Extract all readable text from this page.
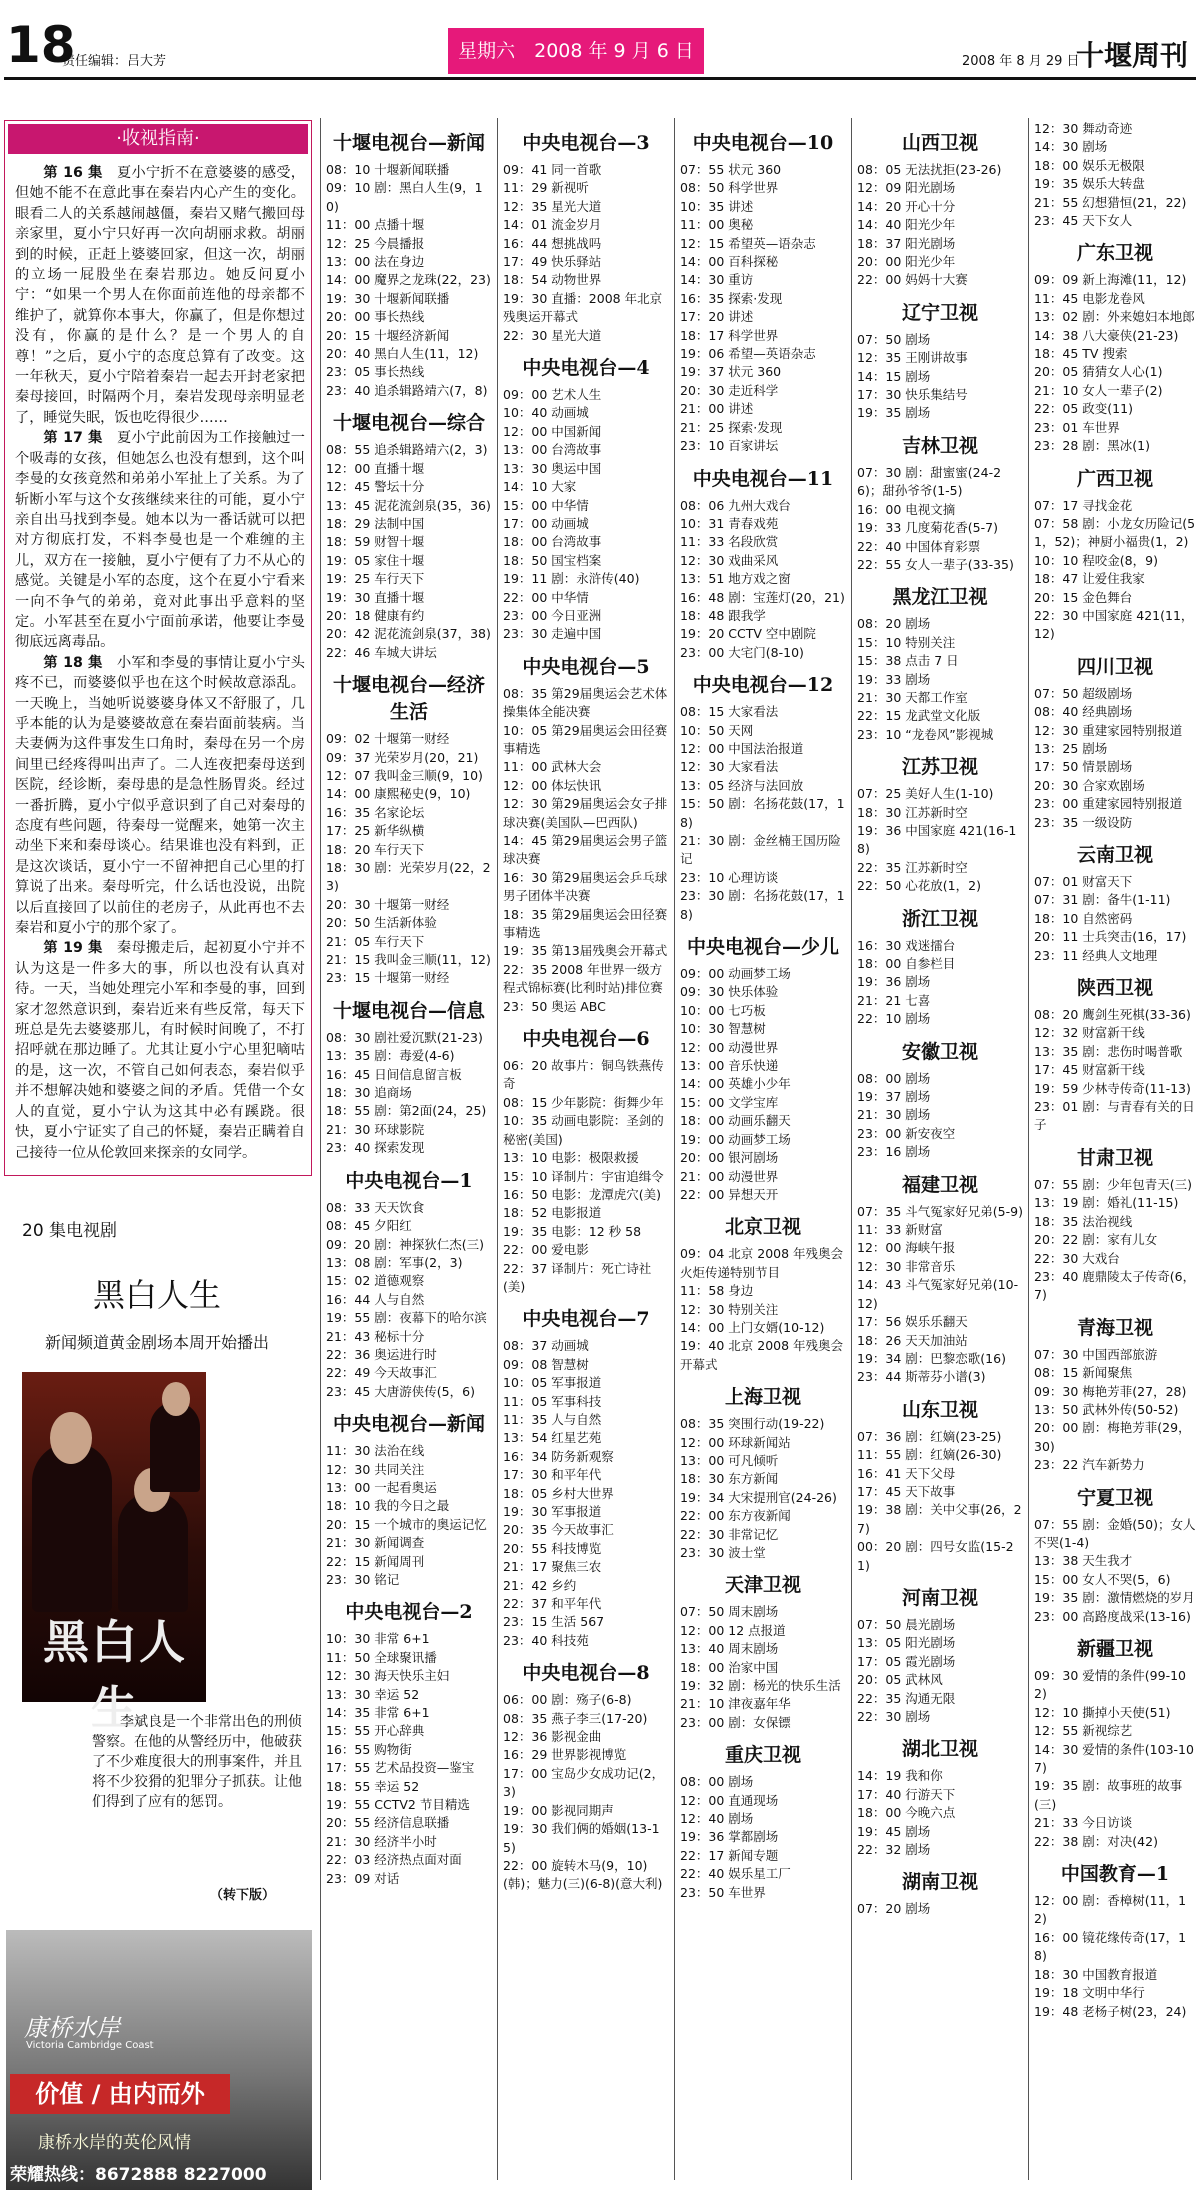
18
责任编辑：吕大芳	星期六　2008 年 9 月 6 日	2008 年 8 月 29 日
十堰周刊
·收视指南·

第 16 集　 夏小宁折不在意婆婆的感受，但她不能不在意此事在秦岩内心产生的变化。眼看二人的关系越闹越僵，秦岩又赌气搬回母亲家里，夏小宁只好再一次向胡丽求救。胡丽到的时候，正赶上婆婆回家，但这一次，胡丽的立场一屁股坐在秦岩那边。她反问夏小宁：“如果一个男人在你面前连他的母亲都不维护了，就算你本事大，你赢了，但是你想过没有，你赢的是什么？是一个男人的自尊！”之后，夏小宁的态度总算有了改变。这一年秋天，夏小宁陪着秦岩一起去开封老家把秦母接回，时隔两个月，秦岩发现母亲明显老了，睡觉失眠，饭也吃得很少……

第 17 集　 夏小宁此前因为工作接触过一个吸毒的女孩，但她怎么也没有想到，这个叫李曼的女孩竟然和弟弟小军扯上了关系。为了斩断小军与这个女孩继续来往的可能，夏小宁亲自出马找到李曼。她本以为一番话就可以把对方彻底打发，不料李曼也是一个难缠的主儿，双方在一接触，夏小宁便有了力不从心的感觉。关键是小军的态度，这个在夏小宁看来一向不争气的弟弟，竟对此事出乎意料的坚定。小军甚至在夏小宁面前承诺，他要让李曼彻底远离毒品。

第 18 集　 小军和李曼的事情让夏小宁头疼不已，而婆婆似乎也在这个时候故意添乱。一天晚上，当她听说婆婆身体又不舒服了，几乎本能的认为是婆婆故意在秦岩面前装病。当夫妻俩为这件事发生口角时，秦母在另一个房间里已经疼得叫出声了。二人连夜把秦母送到医院，经诊断，秦母患的是急性肠胃炎。经过一番折腾，夏小宁似乎意识到了自己对秦母的态度有些问题，待秦母一觉醒来，她第一次主动坐下来和秦母谈心。结果谁也没有料到，正是这次谈话，夏小宁一不留神把自己心里的打算说了出来。秦母听完，什么话也没说，出院以后直接回了以前住的老房子，从此再也不去秦岩和夏小宁的那个家了。

第 19 集　 秦母搬走后，起初夏小宁并不认为这是一件多大的事，所以也没有认真对待。一天，当她处理完小军和李曼的事，回到家才忽然意识到，秦岩近来有些反常，每天下班总是先去婆婆那儿，有时候时间晚了，不打招呼就在那边睡了。尤其让夏小宁心里犯嘀咕的是，这一次，不管自己如何表态，秦岩似乎并不想解决她和婆婆之间的矛盾。凭借一个女人的直觉，夏小宁认为这其中必有蹊跷。很快，夏小宁证实了自己的怀疑，秦岩正瞒着自己接待一位从伦敦回来探亲的女同学。

20 集电视剧
黑白人生
新闻频道黄金剧场本周开始播出
黑白人生
李斌良是一个非常出色的刑侦警察。在他的从警经历中，他破获了不少难度很大的刑事案件，并且将不少狡猾的犯罪分子抓获。让他们得到了应有的惩罚。
（转下版）
康桥水岸
Victoria Cambridge Coast
价值 / 由内而外
康桥水岸的英伦风情
荣耀热线：8672888 8227000
十堰电视台—新闻
08：10 十堰新闻联播
09：10 剧：黑白人生(9，10)
11：00 点播十堰
12：25 今晨播报
13：00 法在身边
14：00 魔界之龙珠(22，23)
19：30 十堰新闻联播
20：00 事长热线
20：15 十堰经济新闻
20：40 黑白人生(11，12)
23：05 事长热线
23：40 追杀辑路靖六(7，8)
十堰电视台—综合
08：55 追杀辑路靖六(2，3)
12：00 直播十堰
12：45 警坛十分
13：45 泥花流剑泉(35，36)
18：29 法制中国
18：59 财智十堰
19：05 家住十堰
19：25 车行天下
19：30 直播十堰
20：18 健康有约
20：42 泥花流剑泉(37，38)
22：46 车城大讲坛
十堰电视台—经济生活
09：02 十堰第一财经
09：37 光荣岁月(20，21)
12：07 我叫金三顺(9，10)
14：00 康熙秘史(9，10)
16：35 名家论坛
17：25 新华纵横
18：20 车行天下
18：30 剧：光荣岁月(22，23)
20：30 十堰第一财经
20：50 生活新体验
21：05 车行天下
21：15 我叫金三顺(11，12)
23：15 十堰第一财经
十堰电视台—信息
08：30 剧社爱沉默(21-23)
13：35 剧：毒爱(4-6)
16：45 日间信息留言板
18：30 追商场
18：55 剧：第2面(24，25)
21：30 环球影院
23：40 探索发现
中央电视台—1
08：33 天天饮食
08：45 夕阳红
09：20 剧：神探狄仁杰(三)
13：08 剧：军事(2，3)
15：02 道德观察
16：44 人与自然
19：55 剧：夜幕下的哈尔滨
21：43 秘标十分
22：36 奥运进行时
22：49 今天故事汇
23：45 大唐游侠传(5，6)
中央电视台—新闻
11：30 法治在线
12：30 共同关注
13：00 一起看奥运
18：10 我的今日之最
20：15 一个城市的奥运记忆
21：30 新闻调查
22：15 新闻周刊
23：30 铭记
中央电视台—2
10：30 非常 6+1
11：50 全球聚讯播
12：30 海天快乐主妇
13：30 幸运 52
14：35 非常 6+1
15：55 开心辞典
16：55 购物街
17：55 艺术品投资—鉴宝
18：55 幸运 52
19：55 CCTV2 节目精选
20：55 经济信息联播
21：30 经济半小时
22：03 经济热点面对面
23：09 对话
中央电视台—3
09：41 同一首歌
11：29 新视听
12：35 星光大道
14：01 流金岁月
16：44 想挑战吗
17：49 快乐驿站
18：54 动物世界
19：30 直播：2008 年北京残奥运开幕式
22：30 星光大道
中央电视台—4
09：00 艺术人生
10：40 动画城
12：00 中国新闻
13：00 台湾故事
13：30 奥运中国
14：10 大家
15：00 中华情
17：00 动画城
18：00 台湾故事
18：50 国宝档案
19：11 剧：永浒传(40)
22：00 中华情
23：00 今日亚洲
23：30 走遍中国
中央电视台—5
08：35 第29届奥运会艺术体操集体全能决赛
10：05 第29届奥运会田径赛事精选
11：00 武林大会
12：00 体坛快讯
12：30 第29届奥运会女子排球决赛(美国队—巴西队)
14：45 第29届奥运会男子篮球决赛
16：30 第29届奥运会乒乓球男子团体半决赛
18：35 第29届奥运会田径赛事精选
19：35 第13届残奥会开幕式
22：35 2008 年世界一级方程式锦标赛(比利时站)排位赛
23：50 奥运 ABC
中央电视台—6
06：20 故事片：铜鸟铁燕传奇
08：15 少年影院：街舞少年
10：35 动画电影院：圣剑的秘密(美国)
13：10 电影：极限救援
15：10 译制片：宇宙追缉令
16：50 电影：龙潭虎穴(美)
18：52 电影报道
19：35 电影：12 秒 58
22：00 爱电影
22：37 译制片：死亡诗社(美)
中央电视台—7
08：37 动画城
09：08 智慧树
10：05 军事报道
11：05 军事科技
11：35 人与自然
13：54 红星艺苑
16：34 防务新观察
17：30 和平年代
18：05 乡村大世界
19：30 军事报道
20：35 今天故事汇
20：55 科技博览
21：17 聚焦三农
21：42 乡约
22：37 和平年代
23：15 生活 567
23：40 科技苑
中央电视台—8
06：00 剧：殇子(6-8)
08：35 燕子李三(17-20)
12：36 影视金曲
16：29 世界影视博览
17：00 宝岛少女成功记(2，3)
19：00 影视同期声
19：30 我们俩的婚姻(13-15)
22：00 旋转木马(9，10)(韩)；魅力(三)(6-8)(意大利)
中央电视台—10
07：55 状元 360
08：50 科学世界
10：35 讲述
11：00 奥秘
12：15 希望英—语杂志
14：00 百科探秘
14：30 重访
16：35 探索·发现
17：20 讲述
18：17 科学世界
19：06 希望—英语杂志
19：37 状元 360
20：30 走近科学
21：00 讲述
21：25 探索·发现
23：10 百家讲坛
中央电视台—11
08：06 九州大戏台
10：31 青春戏苑
11：33 名段欣赏
12：30 戏曲采风
13：51 地方戏之窗
16：48 剧：宝莲灯(20，21)
18：48 跟我学
19：20 CCTV 空中剧院
23：00 大宅门(8-10)
中央电视台—12
08：15 大家看法
10：50 天网
12：00 中国法治报道
12：30 大家看法
13：05 经济与法回放
15：50 剧：名扬花鼓(17，18)
21：30 剧：金丝楠王国历险记
23：10 心理访谈
23：30 剧：名扬花鼓(17，18)
中央电视台—少儿
09：00 动画梦工场
09：30 快乐体验
10：00 七巧板
10：30 智慧树
12：00 动漫世界
13：00 音乐快递
14：00 英雄小少年
15：00 文学宝库
18：00 动画乐翻天
19：00 动画梦工场
20：00 银河剧场
21：00 动漫世界
22：00 异想天开
北京卫视
09：04 北京 2008 年残奥会火炬传递特别节目
11：58 身边
12：30 特别关注
14：00 上门女婿(10-12)
19：40 北京 2008 年残奥会开幕式
上海卫视
08：35 突围行动(19-22)
12：00 环球新闻站
13：00 可凡倾听
18：30 东方新闻
19：34 大宋提刑官(24-26)
22：00 东方夜新闻
22：30 非常记忆
23：30 波士堂
天津卫视
07：50 周末剧场
12：00 12 点报道
13：40 周末剧场
18：00 治家中国
19：32 剧：杨光的快乐生活
21：10 津夜嘉年华
23：00 剧：女保镖
重庆卫视
08：00 剧场
12：00 直通现场
12：40 剧场
19：36 掌都剧场
22：17 新闻专题
22：40 娱乐星工厂
23：50 车世界
山西卫视
08：05 无法扰拒(23-26)
12：09 阳光剧场
14：20 开心十分
14：40 阳光少年
18：37 阳光剧场
20：00 阳光少年
22：00 妈妈十大赛
辽宁卫视
07：50 剧场
12：35 王刚讲故事
14：15 剧场
17：30 快乐集结号
19：35 剧场
吉林卫视
07：30 剧：甜蜜蜜(24-26)；甜孙爷爷(1-5)
16：00 电视文摘
19：33 几度菊花香(5-7)
22：40 中国体育彩票
22：55 女人一辈子(33-35)
黑龙江卫视
08：20 剧场
15：10 特别关注
15：38 点击 7 日
19：33 剧场
21：30 天都工作室
22：15 龙武堂文化版
23：10 “龙卷风”影视城
江苏卫视
07：25 美好人生(1-10)
18：30 江苏新时空
19：36 中国家庭 421(16-18)
22：35 江苏新时空
22：50 心花放(1，2)
浙江卫视
16：30 戏迷擂台
18：00 自参栏目
19：36 剧场
21：21 七喜
22：10 剧场
安徽卫视
08：00 剧场
19：37 剧场
21：30 剧场
23：00 新安夜空
23：16 剧场
福建卫视
07：35 斗气冤家好兄弟(5-9)
11：33 新财富
12：00 海峡午报
12：30 非常音乐
14：43 斗气冤家好兄弟(10-12)
17：56 娱乐乐翻天
18：26 天天加油站
19：34 剧：巴黎恋歌(16)
23：44 斯蒂芬小谱(3)
山东卫视
07：36 剧：红嫡(23-25)
11：55 剧：红嫡(26-30)
16：41 天下父母
17：45 天下故事
19：38 剧：关中父事(26，27)
00：20 剧：四号女监(15-21)
河南卫视
07：50 晨光剧场
13：05 阳光剧场
17：05 霞光剧场
20：05 武林风
22：35 沟通无限
22：30 剧场
湖北卫视
14：19 我和你
17：40 行游天下
18：00 今晚六点
19：45 剧场
22：32 剧场
湖南卫视
07：20 剧场
12：30 舞动奇迹
14：30 剧场
18：00 娱乐无极限
19：35 娱乐大转盘
21：55 幻想猎恒(21，22)
23：45 天下女人
广东卫视
09：09 新上海滩(11，12)
11：45 电影龙卷风
13：02 剧：外来媳妇本地郎
14：38 八大豪侠(21-23)
18：45 TV 搜索
20：05 猜猜女人心(1)
21：10 女人一辈子(2)
22：05 政变(11)
23：01 车世界
23：28 剧：黑冰(1)
广西卫视
07：17 寻找金花
07：58 剧：小龙女历险记(51，52)；神厨小福贵(1，2)
10：10 程咬金(8，9)
18：47 让爱住我家
20：15 金色舞台
22：30 中国家庭 421(11，12)
四川卫视
07：50 超级剧场
08：40 经典剧场
12：30 重建家园特别报道
13：25 剧场
17：50 情景剧场
20：30 合家欢剧场
23：00 重建家园特别报道
23：35 一级设防
云南卫视
07：01 财富天下
07：31 剧：备牛(1-11)
18：10 自然密码
20：11 士兵突击(16，17)
23：11 经典人文地理
陕西卫视
08：20 鹰剑生死棋(33-36)
12：32 财富新干线
13：35 剧：悲伤时喝普歌
17：45 财富新干线
19：59 少林寺传奇(11-13)
23：01 剧：与青春有关的日子
甘肃卫视
07：55 剧：少年包青天(三)
13：19 剧：婚礼(11-15)
18：35 法治视线
20：22 剧：家有儿女
22：30 大戏台
23：40 鹿鼎陵太子传奇(6，7)
青海卫视
07：30 中国西部旅游
08：15 新闻聚焦
09：30 梅艳芳菲(27，28)
13：50 武林外传(50-52)
20：00 剧：梅艳芳菲(29，30)
23：22 汽车新势力
宁夏卫视
07：55 剧：金婚(50)；女人不哭(1-4)
13：38 天生我才
15：00 女人不哭(5，6)
19：35 剧：激情燃烧的岁月
23：00 高路度战采(13-16)
新疆卫视
09：30 爱情的条件(99-102)
12：10 撕掉小天使(51)
12：55 新视综艺
14：30 爱情的条件(103-107)
19：35 剧：故事班的故事(三)
21：33 今日访谈
22：38 剧：对决(42)
中国教育—1
12：00 剧：香樟树(11，12)
16：00 镜花缘传奇(17，18)
18：30 中国教育报道
19：18 文明中华行
19：48 老杨子树(23，24)
